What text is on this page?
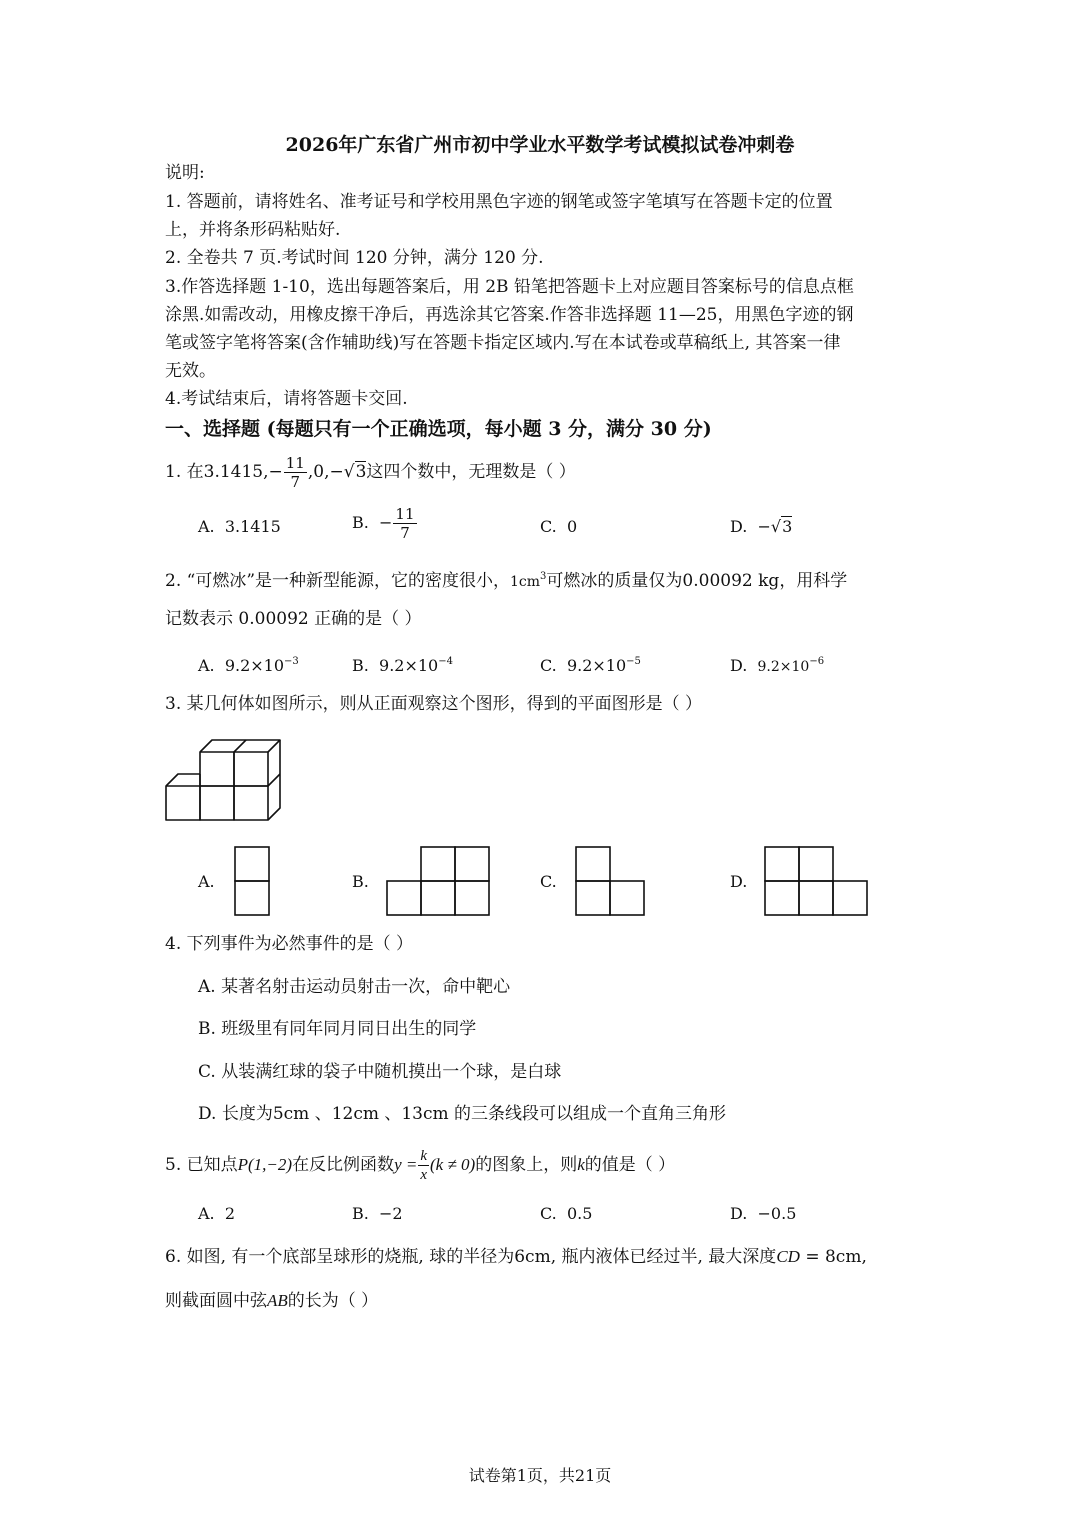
2026年广东省广州市初中学业水平数学考试模拟试卷冲刺卷
说明:
1. 答题前，请将姓名、准考证号和学校用黑色字迹的钢笔或签字笔填写在答题卡定的位置
上，并将条形码粘贴好.
2. 全卷共 7 页.考试时间 120 分钟，满分 120 分.
3.作答选择题 1-10，选出每题答案后，用 2B 铅笔把答题卡上对应题目答案标号的信息点框
涂黑.如需改动，用橡皮擦干净后，再选涂其它答案.作答非选择题 11—25，用黑色字迹的钢
笔或签字笔将答案(含作辅助线)写在答题卡指定区域内.写在本试卷或草稿纸上, 其答案一律
无效。
4.考试结束后，请将答题卡交回.
一、选择题 (每题只有一个正确选项，每小题 3 分，满分 30 分)
1. 在$3.1415,- \frac{11}{7} ,0,-√3$这四个数中，无理数是（ ）
A. 3.1415	B. − $\frac{11}{7}$	C. 0	D. −√3
2. “可燃冰”是一种新型能源，它的密度很小，$1cm^3$可燃冰的质量仅为0.00092 kg，用科学
记数表示 0.00092 正确的是（ ）
A. $9.2\times 10^{-3}$	B. $9.2\times 10^{-4}$	C. $9.2\times 10^{-5}$	D. $9.2\times 10^{-6}$
3. 某几何体如图所示，则从正面观察这个图形，得到的平面图形是（ ）
A.	B.	C.	D.
4. 下列事件为必然事件的是（ ）
A. 某著名射击运动员射击一次，命中靶心
B. 班级里有同年同月同日出生的同学
C. 从装满红球的袋子中随机摸出一个球，是白球
D. 长度为5cm 、12cm 、13cm 的三条线段可以组成一个直角三角形
5. 已知点P(1,−2)在反比例函数$y = \frac{k}{x} (k \ne 0)$的图象上，则k的值是（ ）
A. 2	B. −2	C. 0.5	D. −0.5
6. 如图, 有一个底部呈球形的烧瓶, 球的半径为6cm, 瓶内液体已经过半, 最大深度CD = 8cm,
则截面圆中弦AB的长为（ ）
试卷第1页，共21页
